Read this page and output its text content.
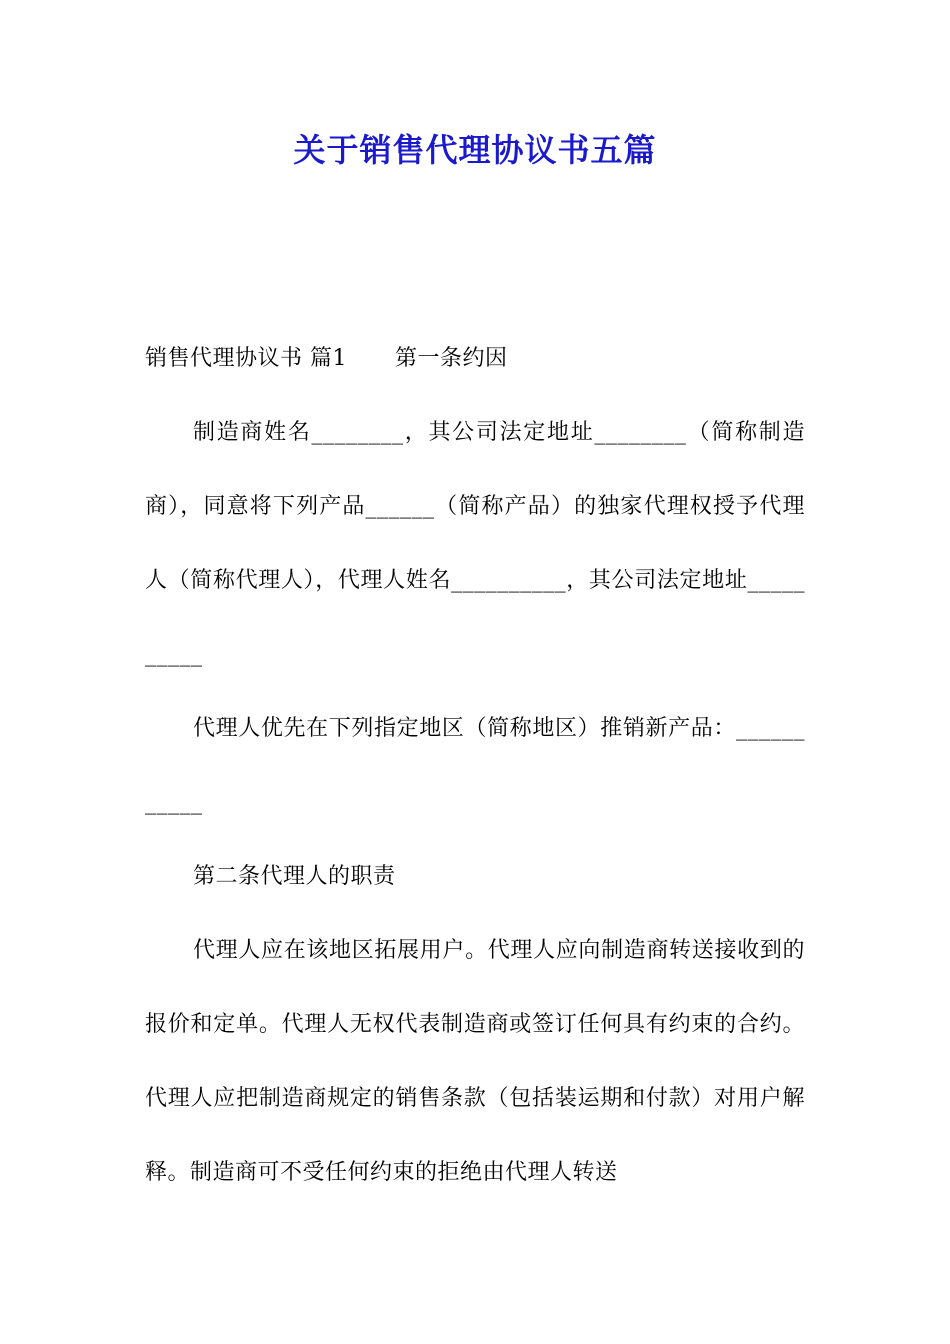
关于销售代理协议书五篇

销售代理协议书 篇1 第一条约因

制造商姓名________，其公司法定地址________（简称制造商），同意将下列产品______（简称产品）的独家代理权授予代理人（简称代理人），代理人姓名__________，其公司法定地址__________

代理人优先在下列指定地区（简称地区）推销新产品：___________

第二条代理人的职责

代理人应在该地区拓展用户。代理人应向制造商转送接收到的报价和定单。代理人无权代表制造商或签订任何具有约束的合约。代理人应把制造商规定的销售条款（包括装运期和付款）对用户解释。制造商可不受任何约束的拒绝由代理人转送
